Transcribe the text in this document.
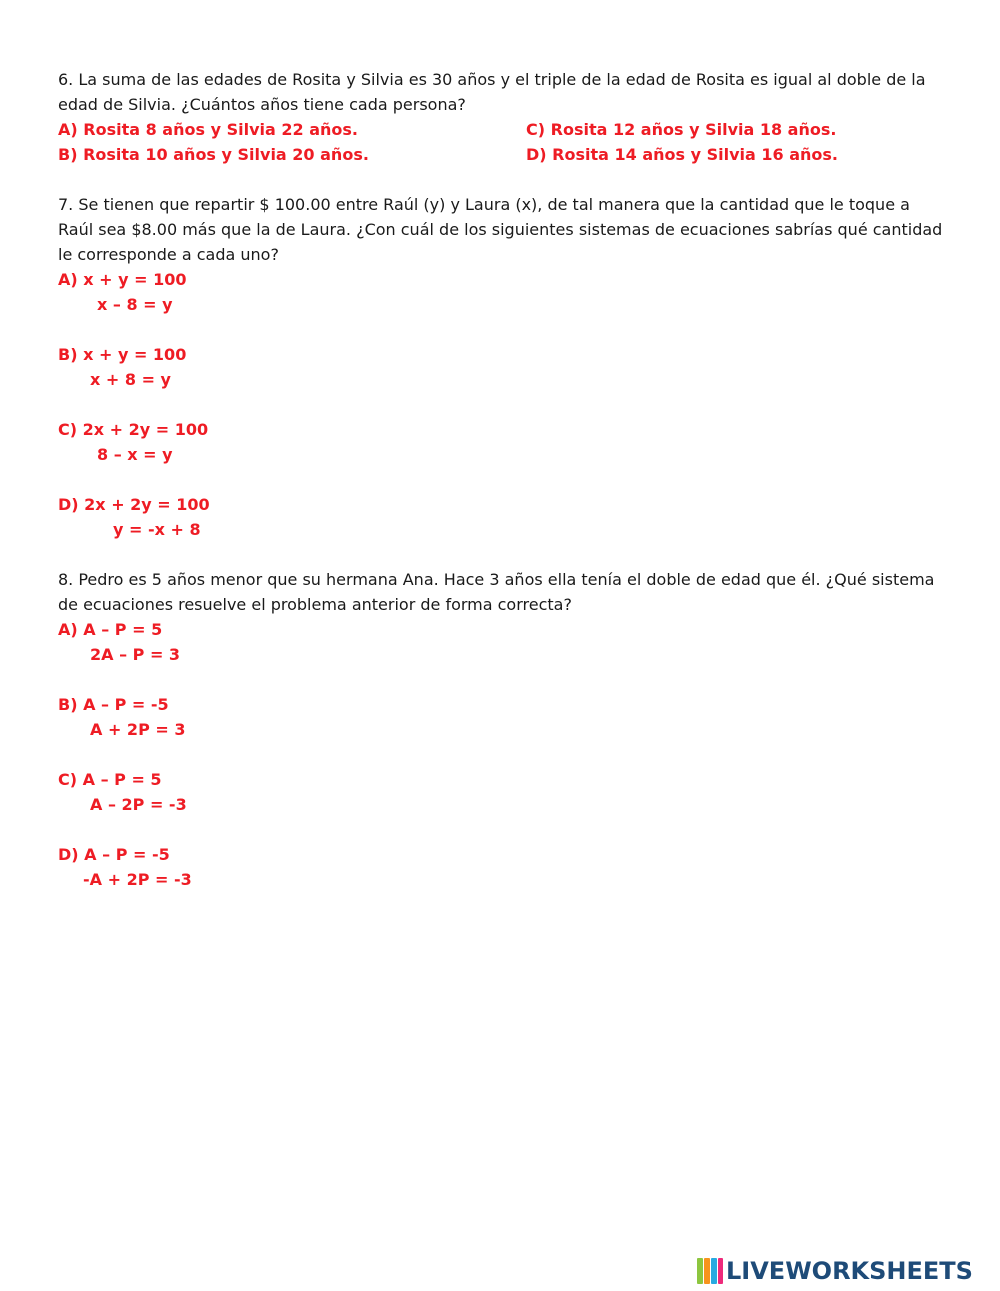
6. La suma de las edades de Rosita y Silvia es 30 años y el triple de la edad de Rosita es igual al doble de la edad de Silvia. ¿Cuántos años tiene cada persona?

A) Rosita 8 años y Silvia 22 años.	C) Rosita 12 años y Silvia 18 años.

B) Rosita 10 años y Silvia 20 años.	D) Rosita 14 años y Silvia 16 años.

7. Se tienen que repartir $ 100.00 entre Raúl (y) y Laura (x), de tal manera que la cantidad que le toque a Raúl sea $8.00 más que la de Laura. ¿Con cuál de los siguientes sistemas de ecuaciones sabrías qué cantidad le corresponde a cada uno?

A) x + y = 100

x – 8 = y

B) x + y = 100

x + 8 = y

C) 2x + 2y = 100

8 – x = y

D) 2x + 2y = 100

y = -x + 8

8. Pedro es 5 años menor que su hermana Ana. Hace 3 años ella tenía el doble de edad que él. ¿Qué sistema de ecuaciones resuelve el problema anterior de forma correcta?

A) A – P = 5

2A – P = 3

B) A – P = -5

A + 2P = 3

C) A – P = 5

A – 2P = -3

D) A – P = -5

-A + 2P = -3

LIVEWORKSHEETS
